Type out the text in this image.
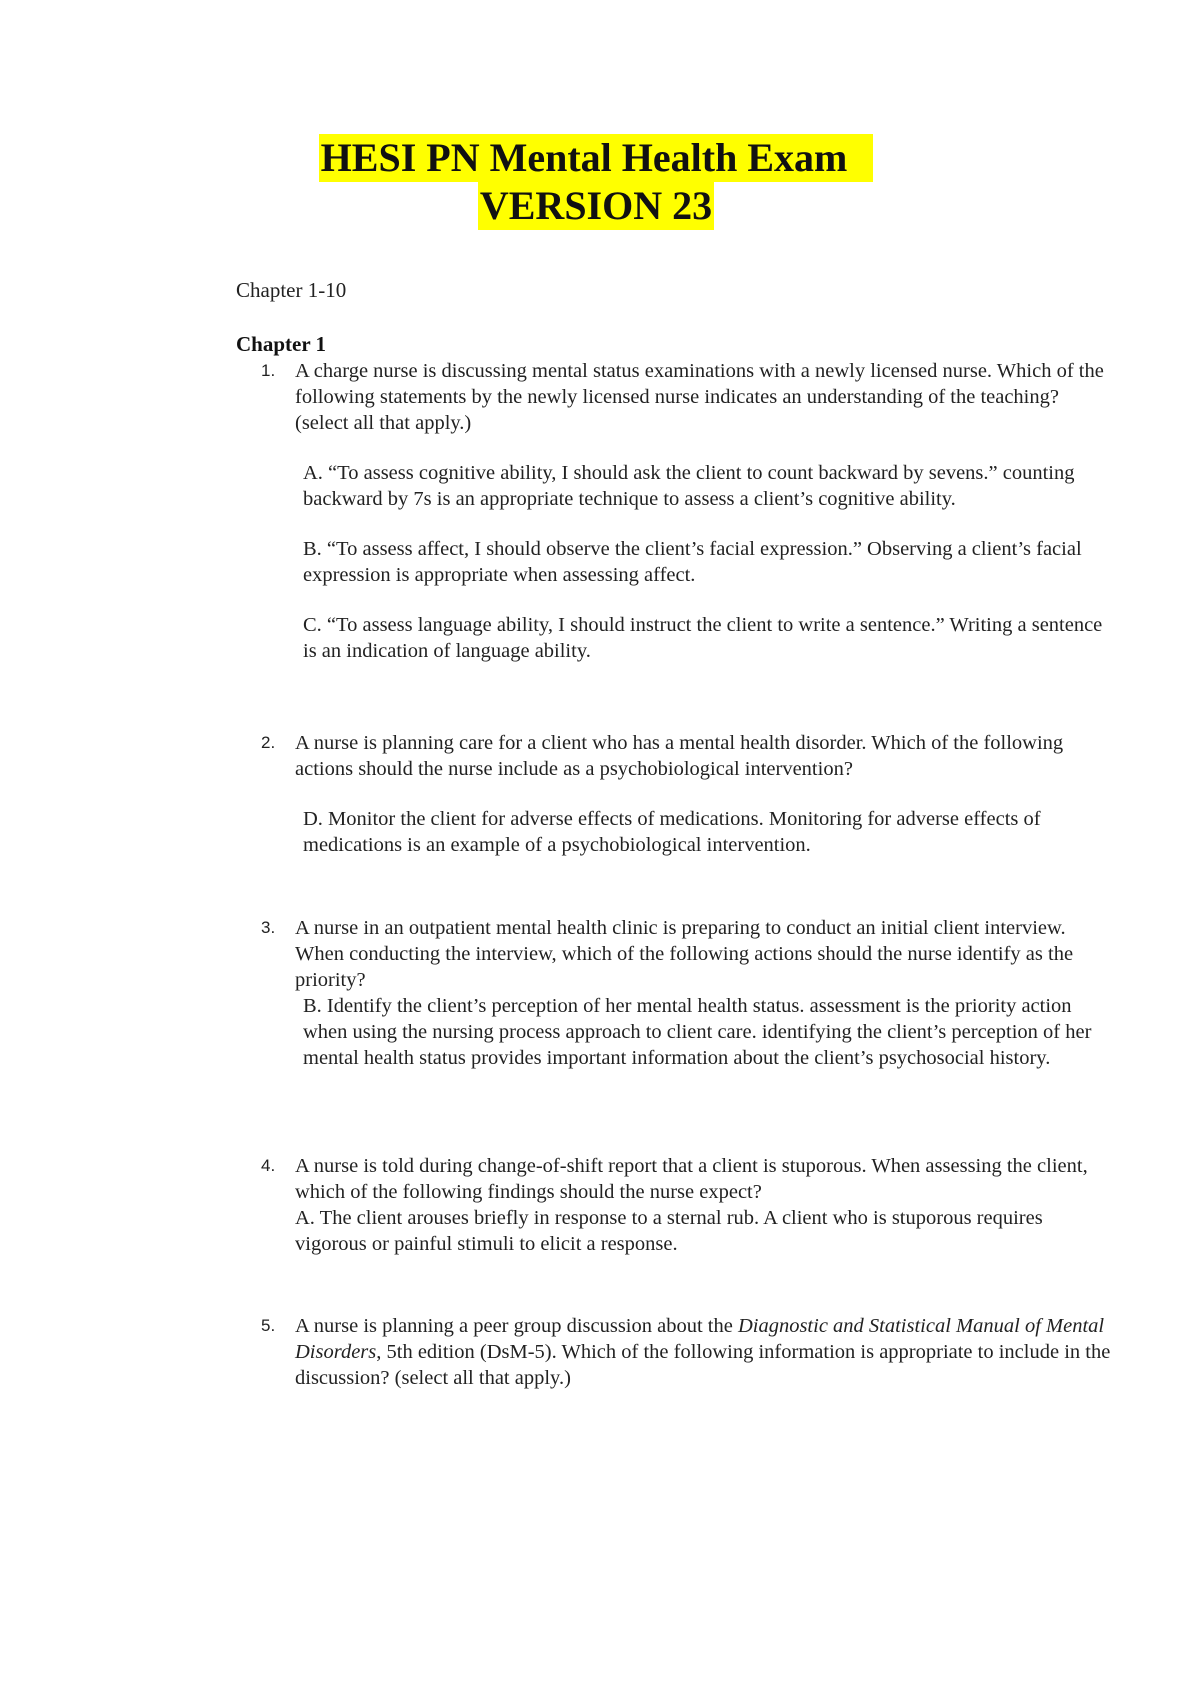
HESI PN Mental Health Exam
VERSION 23
Chapter 1-10
Chapter 1
1. A charge nurse is discussing mental status examinations with a newly licensed nurse. Which of the following statements by the newly licensed nurse indicates an understanding of the teaching? (select all that apply.)
A. “To assess cognitive ability, I should ask the client to count backward by sevens.” counting backward by 7s is an appropriate technique to assess a client’s cognitive ability.
B. “To assess affect, I should observe the client’s facial expression.” Observing a client’s facial expression is appropriate when assessing affect.
C. “To assess language ability, I should instruct the client to write a sentence.” Writing a sentence is an indication of language ability.
2. A nurse is planning care for a client who has a mental health disorder. Which of the following actions should the nurse include as a psychobiological intervention?
D. Monitor the client for adverse effects of medications. Monitoring for adverse effects of medications is an example of a psychobiological intervention.
3. A nurse in an outpatient mental health clinic is preparing to conduct an initial client interview. When conducting the interview, which of the following actions should the nurse identify as the priority?
B. Identify the client’s perception of her mental health status. assessment is the priority action when using the nursing process approach to client care. identifying the client’s perception of her mental health status provides important information about the client’s psychosocial history.
4. A nurse is told during change-of-shift report that a client is stuporous. When assessing the client, which of the following findings should the nurse expect?
A. The client arouses briefly in response to a sternal rub. A client who is stuporous requires vigorous or painful stimuli to elicit a response.
5. A nurse is planning a peer group discussion about the Diagnostic and Statistical Manual of Mental Disorders, 5th edition (DsM-5). Which of the following information is appropriate to include in the discussion? (select all that apply.)
